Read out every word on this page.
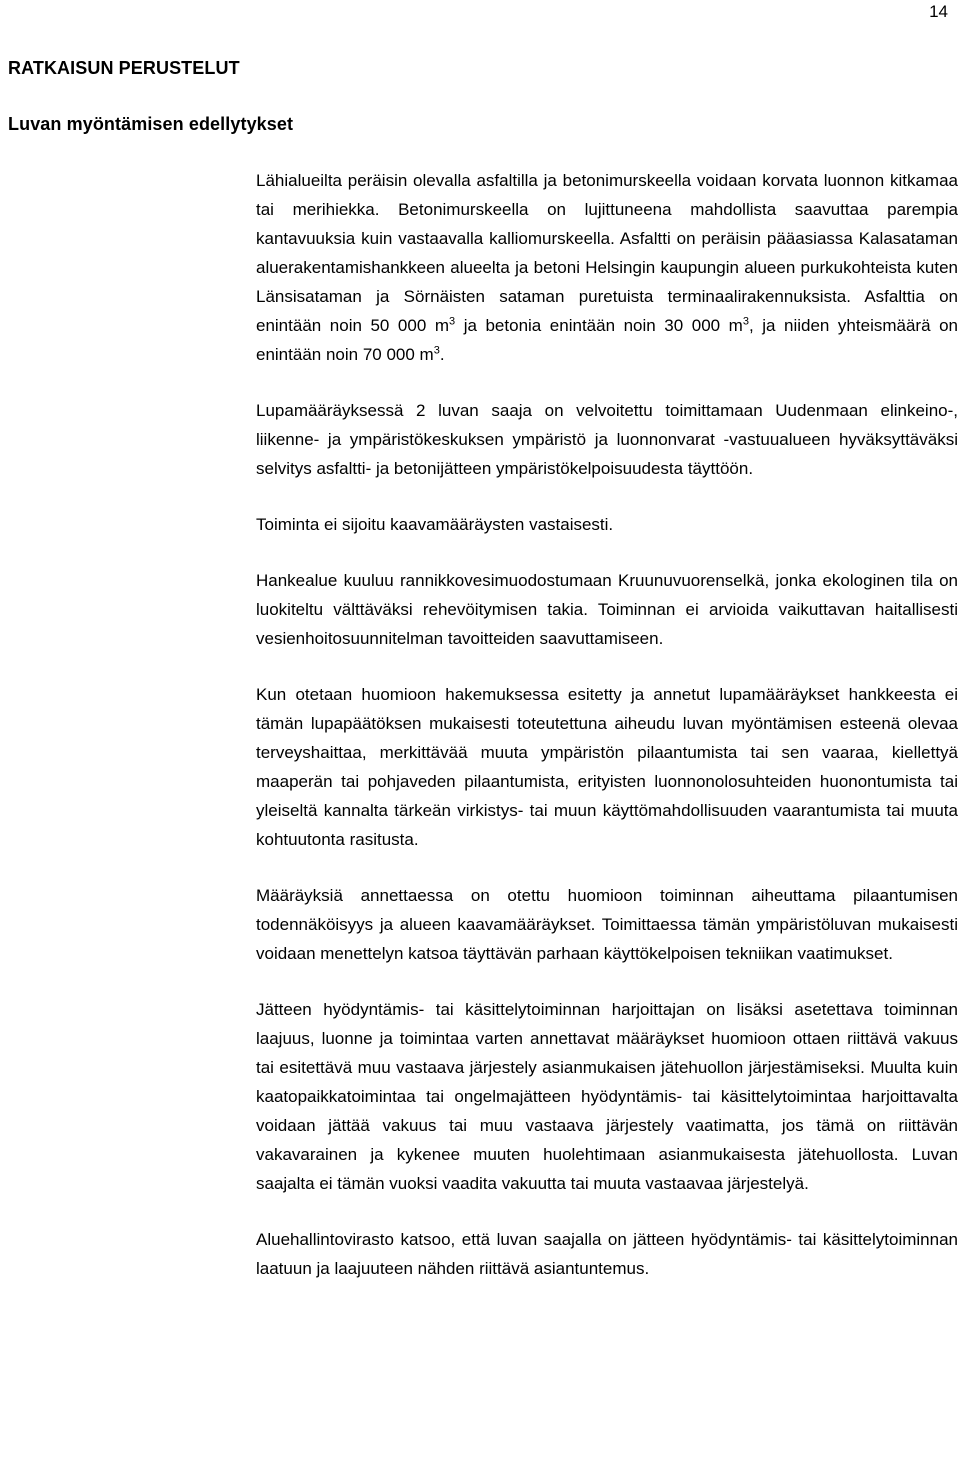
14
RATKAISUN PERUSTELUT
Luvan myöntämisen edellytykset

Lähialueilta peräisin olevalla asfaltilla ja betonimurskeella voidaan korvata luonnon kitkamaa tai merihiekka. Betonimurskeella on lujittuneena mahdollista saavuttaa parempia kantavuuksia kuin vastaavalla kalliomurskeella. Asfaltti on peräisin pääasiassa Kalasataman aluerakentamishankkeen alueelta ja betoni Helsingin kaupungin alueen purkukohteista kuten Länsisataman ja Sörnäisten sataman puretuista terminaalirakennuksista. Asfalttia on enintään noin 50 000 $m^3$ ja betonia enintään noin 30 000 $m^3$, ja niiden yhteismäärä on enintään noin 70 000 $m^3$.

Lupamääräyksessä 2 luvan saaja on velvoitettu toimittamaan Uudenmaan elinkeino-, liikenne- ja ympäristökeskuksen ympäristö ja luonnonvarat -vastuualueen hyväksyttäväksi selvitys asfaltti- ja betonijätteen ympäristökelpoisuudesta täyttöön.

Toiminta ei sijoitu kaavamääräysten vastaisesti.

Hankealue kuuluu rannikkovesimuodostumaan Kruunuvuorenselkä, jonka ekologinen tila on luokiteltu välttäväksi rehevöitymisen takia. Toiminnan ei arvioida vaikuttavan haitallisesti vesienhoitosuunnitelman tavoitteiden saavuttamiseen.

Kun otetaan huomioon hakemuksessa esitetty ja annetut lupamääräykset hankkeesta ei tämän lupapäätöksen mukaisesti toteutettuna aiheudu luvan myöntämisen esteenä olevaa terveyshaittaa, merkittävää muuta ympäristön pilaantumista tai sen vaaraa, kiellettyä maaperän tai pohjaveden pilaantumista, erityisten luonnonolosuhteiden huonontumista tai yleiseltä kannalta tärkeän virkistys- tai muun käyttömahdollisuuden vaarantumista tai muuta kohtuutonta rasitusta.

Määräyksiä annettaessa on otettu huomioon toiminnan aiheuttama pilaantumisen todennäköisyys ja alueen kaavamääräykset. Toimittaessa tämän ympäristöluvan mukaisesti voidaan menettelyn katsoa täyttävän parhaan käyttökelpoisen tekniikan vaatimukset.

Jätteen hyödyntämis- tai käsittelytoiminnan harjoittajan on lisäksi asetettava toiminnan laajuus, luonne ja toimintaa varten annettavat määräykset huomioon ottaen riittävä vakuus tai esitettävä muu vastaava järjestely asianmukaisen jätehuollon järjestämiseksi. Muulta kuin kaatopaikkatoimintaa tai ongelmajätteen hyödyntämis- tai käsittelytoimintaa harjoittavalta voidaan jättää vakuus tai muu vastaava järjestely vaatimatta, jos tämä on riittävän vakavarainen ja kykenee muuten huolehtimaan asianmukaisesta jätehuollosta. Luvan saajalta ei tämän vuoksi vaadita vakuutta tai muuta vastaavaa järjestelyä.

Aluehallintovirasto katsoo, että luvan saajalla on jätteen hyödyntämis- tai käsittelytoiminnan laatuun ja laajuuteen nähden riittävä asiantuntemus.
